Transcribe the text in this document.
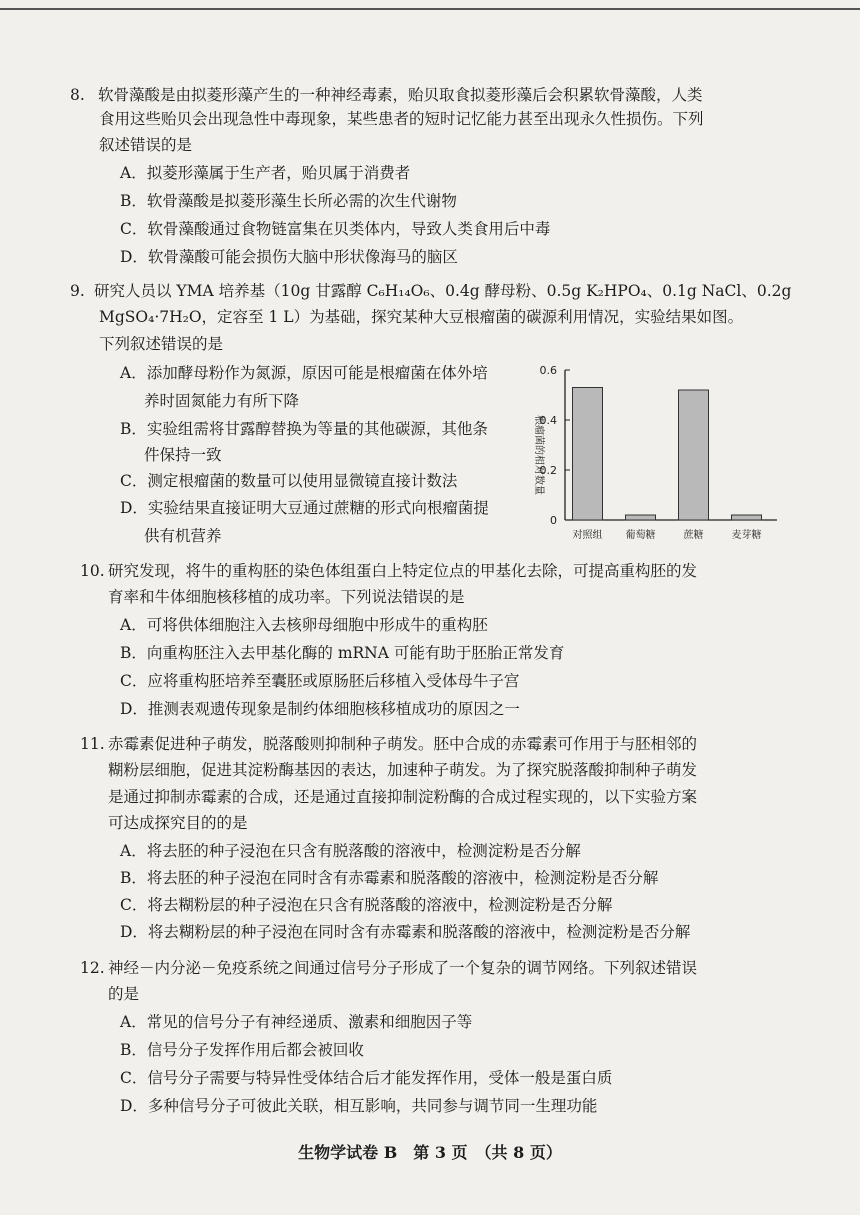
8. 软骨藻酸是由拟菱形藻产生的一种神经毒素，贻贝取食拟菱形藻后会积累软骨藻酸，人类
食用这些贻贝会出现急性中毒现象，某些患者的短时记忆能力甚至出现永久性损伤。下列
叙述错误的是
A．拟菱形藻属于生产者，贻贝属于消费者
B．软骨藻酸是拟菱形藻生长所必需的次生代谢物
C．软骨藻酸通过食物链富集在贝类体内，导致人类食用后中毒
D．软骨藻酸可能会损伤大脑中形状像海马的脑区
9. 研究人员以 YMA 培养基（10g 甘露醇 C₆H₁₄O₆、0.4g 酵母粉、0.5g K₂HPO₄、0.1g NaCl、0.2g
MgSO₄·7H₂O，定容至 1 L）为基础，探究某种大豆根瘤菌的碳源利用情况，实验结果如图。
下列叙述错误的是
A．添加酵母粉作为氮源，原因可能是根瘤菌在体外培
养时固氮能力有所下降
B．实验组需将甘露醇替换为等量的其他碳源，其他条
件保持一致
C．测定根瘤菌的数量可以使用显微镜直接计数法
D．实验结果直接证明大豆通过蔗糖的形式向根瘤菌提
供有机营养
0
0.2
0.4
0.6
根瘤菌的相对数量
对照组 葡萄糖	蔗糖	麦芽糖
10. 研究发现，将牛的重构胚的染色体组蛋白上特定位点的甲基化去除，可提高重构胚的发
育率和牛体细胞核移植的成功率。下列说法错误的是
A．可将供体细胞注入去核卵母细胞中形成牛的重构胚
B．向重构胚注入去甲基化酶的 mRNA 可能有助于胚胎正常发育
C．应将重构胚培养至囊胚或原肠胚后移植入受体母牛子宫
D．推测表观遗传现象是制约体细胞核移植成功的原因之一
11. 赤霉素促进种子萌发，脱落酸则抑制种子萌发。胚中合成的赤霉素可作用于与胚相邻的
糊粉层细胞，促进其淀粉酶基因的表达，加速种子萌发。为了探究脱落酸抑制种子萌发
是通过抑制赤霉素的合成，还是通过直接抑制淀粉酶的合成过程实现的，以下实验方案
可达成探究目的的是
A．将去胚的种子浸泡在只含有脱落酸的溶液中，检测淀粉是否分解
B．将去胚的种子浸泡在同时含有赤霉素和脱落酸的溶液中，检测淀粉是否分解
C．将去糊粉层的种子浸泡在只含有脱落酸的溶液中，检测淀粉是否分解
D．将去糊粉层的种子浸泡在同时含有赤霉素和脱落酸的溶液中，检测淀粉是否分解
12. 神经－内分泌－免疫系统之间通过信号分子形成了一个复杂的调节网络。下列叙述错误
的是
A．常见的信号分子有神经递质、激素和细胞因子等
B．信号分子发挥作用后都会被回收
C．信号分子需要与特异性受体结合后才能发挥作用，受体一般是蛋白质
D．多种信号分子可彼此关联，相互影响，共同参与调节同一生理功能
生物学试卷 B　第 3 页　（共 8 页）
